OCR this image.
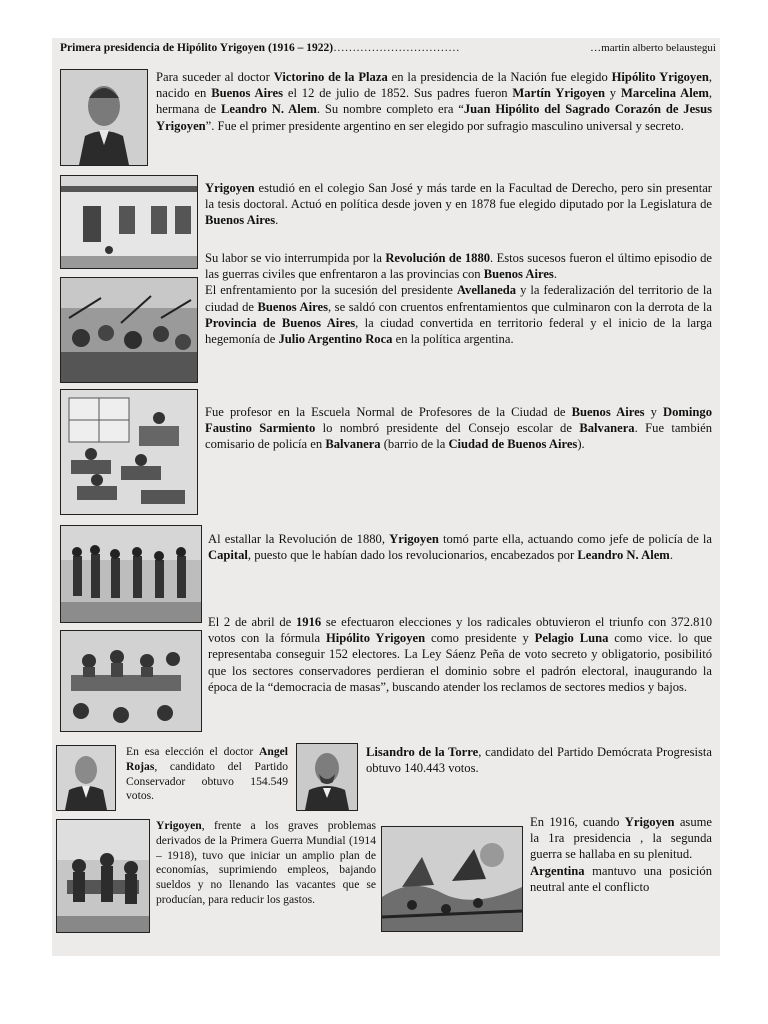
Primera presidencia de Hipólito Yrigoyen (1916 – 1922)……………………………	…martin alberto belaustegui

Para suceder al doctor Victorino de la Plaza en la presidencia de la Nación fue elegido Hipólito Yrigoyen, nacido en Buenos Aires el 12 de julio de 1852. Sus padres fueron Martín Yrigoyen y Marcelina Alem, hermana de Leandro N. Alem. Su nombre completo era “Juan Hipólito del Sagrado Corazón de Jesus Yrigoyen”. Fue el primer presidente argentino en ser elegido por sufragio masculino universal y secreto.

Yrigoyen estudió en el colegio San José y más tarde en la Facultad de Derecho, pero sin presentar la tesis doctoral. Actuó en política desde joven y en 1878 fue elegido diputado por la Legislatura de Buenos Aires.

Su labor se vio interrumpida por la Revolución de 1880. Estos sucesos fueron el último episodio de las guerras civiles que enfrentaron a las provincias con Buenos Aires.

El enfrentamiento por la sucesión del presidente Avellaneda y la federalización del territorio de la ciudad de Buenos Aires, se saldó con cruentos enfrentamientos que culminaron con la derrota de la Provincia de Buenos Aires, la ciudad convertida en territorio federal y el inicio de la larga hegemonía de Julio Argentino Roca en la política argentina.

Fue profesor en la Escuela Normal de Profesores de la Ciudad de Buenos Aires y Domingo Faustino Sarmiento lo nombró presidente del Consejo escolar de Balvanera. Fue también comisario de policía en Balvanera (barrio de la Ciudad de Buenos Aires).

Al estallar la Revolución de 1880, Yrigoyen tomó parte ella, actuando como jefe de policía de la Capital, puesto que le habían dado los revolucionarios, encabezados por Leandro N. Alem.

El 2 de abril de 1916 se efectuaron elecciones y los radicales obtuvieron el triunfo con 372.810 votos con la fórmula Hipólito Yrigoyen como presidente y Pelagio Luna como vice. lo que representaba conseguir 152 electores. La Ley Sáenz Peña de voto secreto y obligatorio, posibilitó que los sectores conservadores perdieran el dominio sobre el padrón electoral, inaugurando la época de la “democracia de masas”, buscando atender los reclamos de sectores medios y bajos.

En esa elección el doctor Angel Rojas, candidato del Partido Conservador obtuvo 154.549 votos.

Lisandro de la Torre, candidato del Partido Demócrata Progresista obtuvo 140.443 votos.

Yrigoyen, frente a los graves problemas derivados de la Primera Guerra Mundial (1914 – 1918), tuvo que iniciar un amplio plan de economías, suprimiendo empleos, bajando sueldos y no llenando las vacantes que se producían, para reducir los gastos.

En 1916, cuando Yrigoyen asume la 1ra presidencia , la segunda guerra se hallaba en su plenitud.

Argentina mantuvo una posición neutral ante el conflicto
